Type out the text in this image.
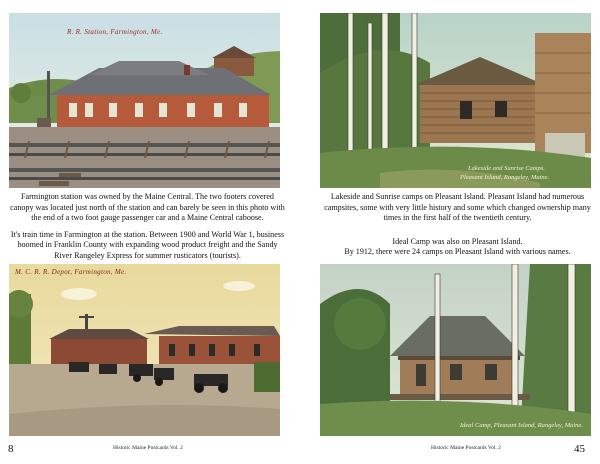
R. R. Station, Farmington, Me.

Farmington station was owned by the Maine Central. The two footers covered canopy was located just north of the station and can barely be seen in this photo with the end of a two foot gauge passenger car and a Maine Central caboose.

It's train time in Farmington at the station. Between 1900 and World War 1, business boomed in Franklin County with expanding wood product freight and the Sandy River Rangeley Express for summer rusticators (tourists).

M. C. R. R. Depot, Farmington, Me.
8	Historic Maine Postcards Vol. 2
Lakeside and Sunrise Camps.
Pleasant Island, Rangeley, Maine.

Lakeside and Sunrise camps on Pleasant Island. Pleasant Island had numerous campsites, some with very little history and some which changed ownership many times in the first half of the twentieth century.

Ideal Camp was also on Pleasant Island.

By 1912, there were 24 camps on Pleasant Island with various names.

Ideal Camp, Pleasant Island, Rangeley, Maine.
Historic Maine Postcards Vol. 2	45
